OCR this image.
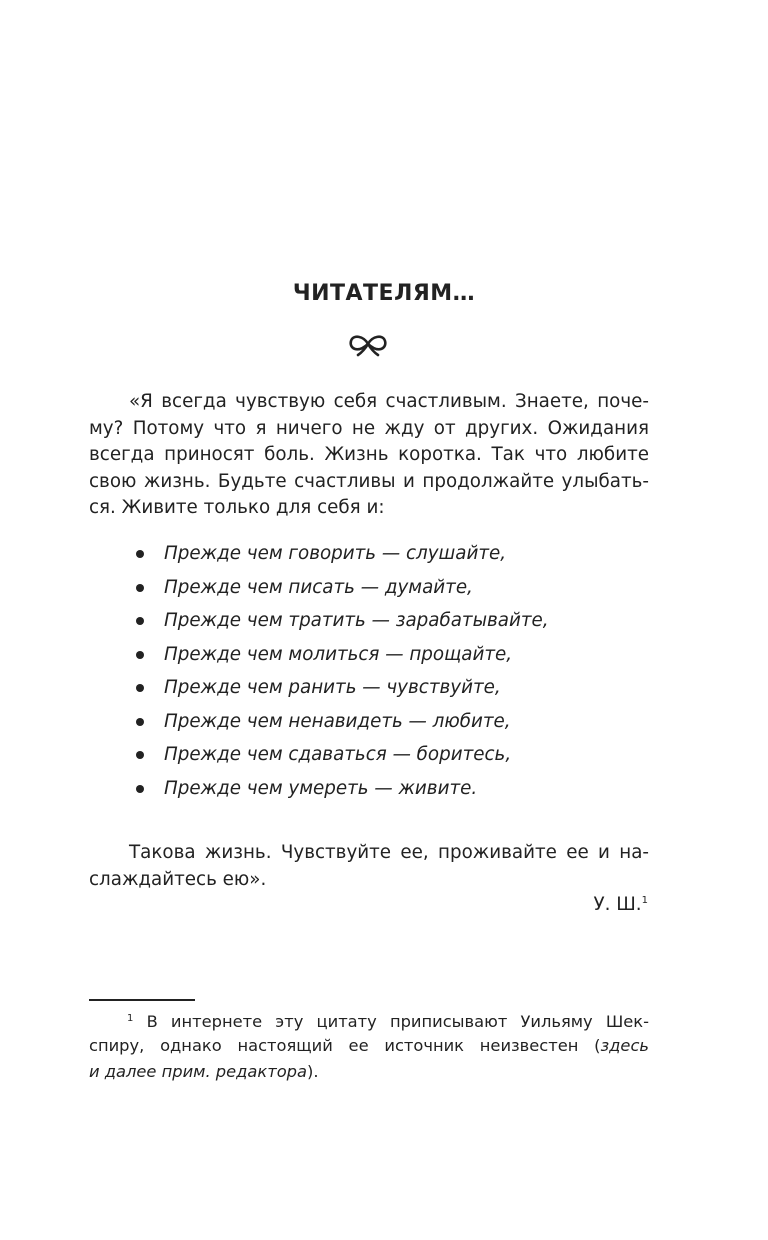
ЧИТАТЕЛЯМ…
«Я всегда чувствую себя счастливым. Знаете, поче-
му? Потому что я ничего не жду от других. Ожидания
всегда приносят боль. Жизнь коротка. Так что любите
свою жизнь. Будьте счастливы и продолжайте улыбать-
ся. Живите только для себя и:
Прежде чем говорить — слушайте,
Прежде чем писать — думайте,
Прежде чем тратить — зарабатывайте,
Прежде чем молиться — прощайте,
Прежде чем ранить — чувствуйте,
Прежде чем ненавидеть — любите,
Прежде чем сдаваться — боритесь,
Прежде чем умереть — живите.
Такова жизнь. Чувствуйте ее, проживайте ее и на-
слаждайтесь ею».
У. Ш.$^1$
$^1$ В интернете эту цитату приписывают Уильяму Шек-
спиру, однако настоящий ее источник неизвестен (здесь
и далее прим. редактора).
